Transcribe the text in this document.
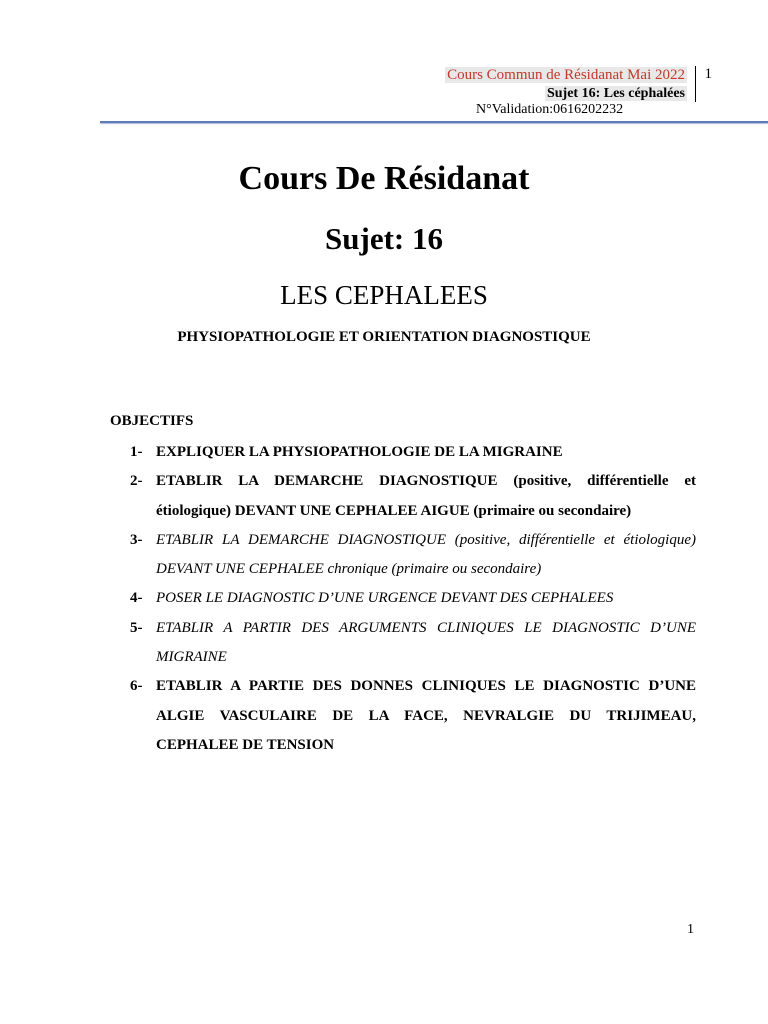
Cours Commun de Résidanat Mai 2022
Sujet 16: Les céphalées
1
N°Validation:0616202232
Cours De Résidanat
Sujet: 16
LES CEPHALEES
PHYSIOPATHOLOGIE ET ORIENTATION DIAGNOSTIQUE
OBJECTIFS
1- EXPLIQUER LA PHYSIOPATHOLOGIE DE LA MIGRAINE
2- ETABLIR LA DEMARCHE DIAGNOSTIQUE (positive, différentielle et étiologique) DEVANT UNE CEPHALEE AIGUE (primaire ou secondaire)
3- ETABLIR LA DEMARCHE DIAGNOSTIQUE (positive, différentielle et étiologique) DEVANT UNE CEPHALEE chronique (primaire ou secondaire)
4- POSER LE DIAGNOSTIC D’UNE URGENCE DEVANT DES CEPHALEES
5- ETABLIR A PARTIR DES ARGUMENTS CLINIQUES LE DIAGNOSTIC D’UNE MIGRAINE
6- ETABLIR A PARTIE DES DONNES CLINIQUES LE DIAGNOSTIC D’UNE ALGIE VASCULAIRE DE LA FACE, NEVRALGIE DU TRIJIMEAU, CEPHALEE DE TENSION
1
